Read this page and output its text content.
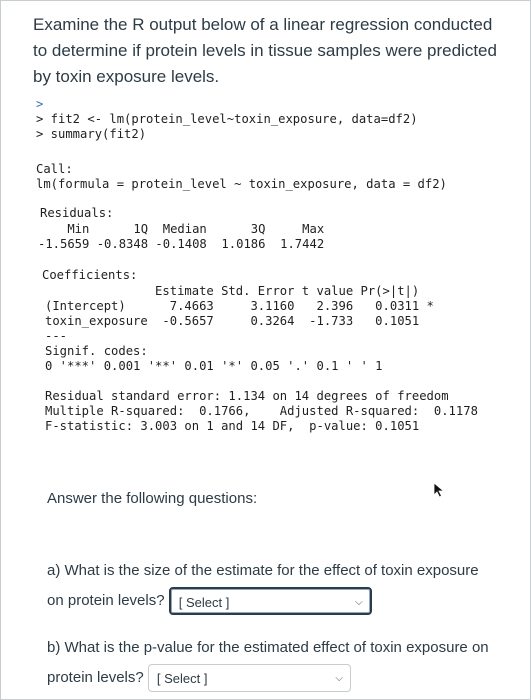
Examine the R output below of a linear regression conducted to determine if protein levels in tissue samples were predicted by toxin exposure levels.
>
> fit2 <- lm(protein_level~toxin_exposure, data=df2)
> summary(fit2)
Call:
lm(formula = protein_level ~ toxin_exposure, data = df2)
Residuals:
Min      1Q  Median      3Q     Max
-1.5659 -0.8348 -0.1408  1.0186  1.7442
Coefficients:
Estimate Std. Error t value Pr(>|t|)
(Intercept)      7.4663     3.1160   2.396   0.0311 *
toxin_exposure  -0.5657     0.3264  -1.733   0.1051
---
Signif. codes:
0 '***' 0.001 '**' 0.01 '*' 0.05 '.' 0.1 ' ' 1
Residual standard error: 1.134 on 14 degrees of freedom
Multiple R-squared:  0.1766,    Adjusted R-squared:  0.1178
F-statistic: 3.003 on 1 and 14 DF,  p-value: 0.1051
Answer the following questions:
a) What is the size of the estimate for the effect of toxin exposure on protein levels? [ Select ]	⌵
b) What is the p-value for the estimated effect of toxin exposure on protein levels? [ Select ]	⌵
